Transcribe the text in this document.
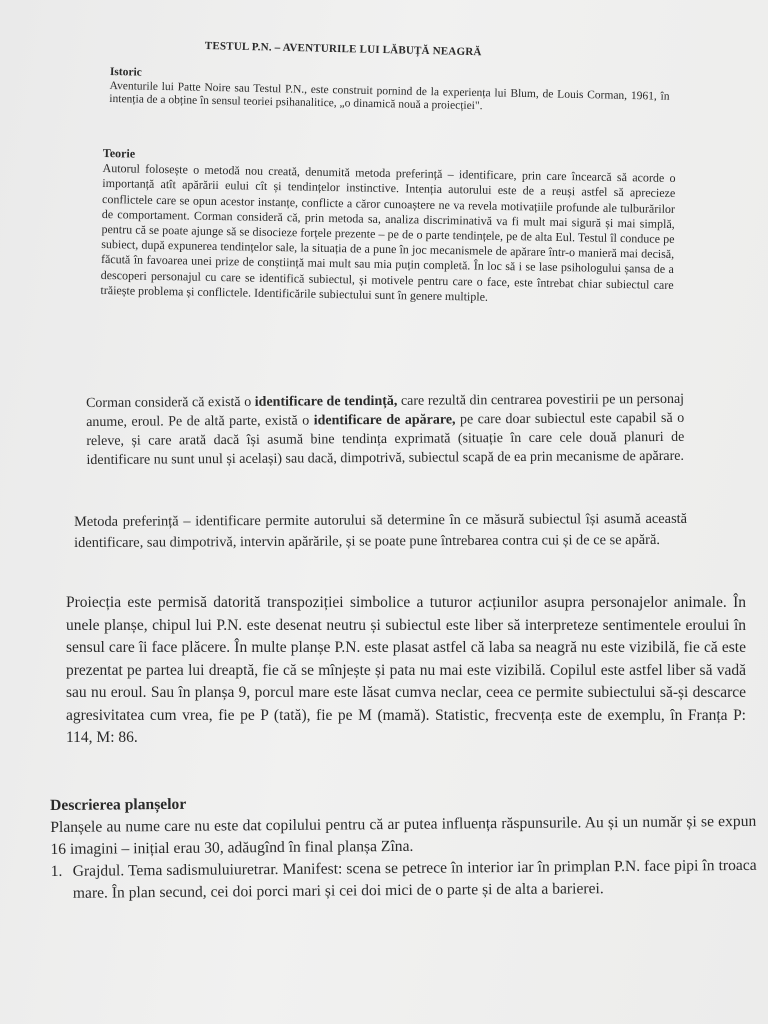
TESTUL P.N. – AVENTURILE LUI LĂBUȚĂ NEAGRĂ

Istoric

Aventurile lui Patte Noire sau Testul P.N., este construit pornind de la experiența lui Blum, de Louis Corman, 1961, în intenția de a obține în sensul teoriei psihanalitice, „o dinamică nouă a proiecției".

Teorie

Autorul folosește o metodă nou creată, denumită metoda preferință – identificare, prin care încearcă să acorde o importanță atît apărării eului cît și tendințelor instinctive. Intenția autorului este de a reuși astfel să aprecieze conflictele care se opun acestor instanțe, conflicte a căror cunoaștere ne va revela motivațiile profunde ale tulburărilor de comportament. Corman consideră că, prin metoda sa, analiza discriminativă va fi mult mai sigură și mai simplă, pentru că se poate ajunge să se disocieze forțele prezente – pe de o parte tendințele, pe de alta Eul. Testul îl conduce pe subiect, după expunerea tendințelor sale, la situația de a pune în joc mecanismele de apărare într-o manieră mai decisă, făcută în favoarea unei prize de conștiință mai mult sau mia puțin completă. În loc să i se lase psihologului șansa de a descoperi personajul cu care se identifică subiectul, și motivele pentru care o face, este întrebat chiar subiectul care trăiește problema și conflictele. Identificările subiectului sunt în genere multiple.

Corman consideră că există o identificare de tendință, care rezultă din centrarea povestirii pe un personaj anume, eroul. Pe de altă parte, există o identificare de apărare, pe care doar subiectul este capabil să o releve, și care arată dacă își asumă bine tendința exprimată (situație în care cele două planuri de identificare nu sunt unul și același) sau dacă, dimpotrivă, subiectul scapă de ea prin mecanisme de apărare.

Metoda preferință – identificare permite autorului să determine în ce măsură subiectul își asumă această identificare, sau dimpotrivă, intervin apărările, și se poate pune întrebarea contra cui și de ce se apără.

Proiecția este permisă datorită transpoziției simbolice a tuturor acțiunilor asupra personajelor animale. În unele planșe, chipul lui P.N. este desenat neutru și subiectul este liber să interpreteze sentimentele eroului în sensul care îi face plăcere. În multe planșe P.N. este plasat astfel că laba sa neagră nu este vizibilă, fie că este prezentat pe partea lui dreaptă, fie că se mînjește și pata nu mai este vizibilă. Copilul este astfel liber să vadă sau nu eroul. Sau în planșa 9, porcul mare este lăsat cumva neclar, ceea ce permite subiectului să-și descarce agresivitatea cum vrea, fie pe P (tată), fie pe M (mamă). Statistic, frecvența este de exemplu, în Franța P: 114, M: 86.

Descrierea planșelor

Planșele au nume care nu este dat copilului pentru că ar putea influența răspunsurile. Au și un număr și se expun 16 imagini – inițial erau 30, adăugînd în final planșa Zîna.

1. Grajdul. Tema sadismuluiuretrar. Manifest: scena se petrece în interior iar în primplan P.N. face pipi în troaca mare. În plan secund, cei doi porci mari și cei doi mici de o parte și de alta a barierei.
